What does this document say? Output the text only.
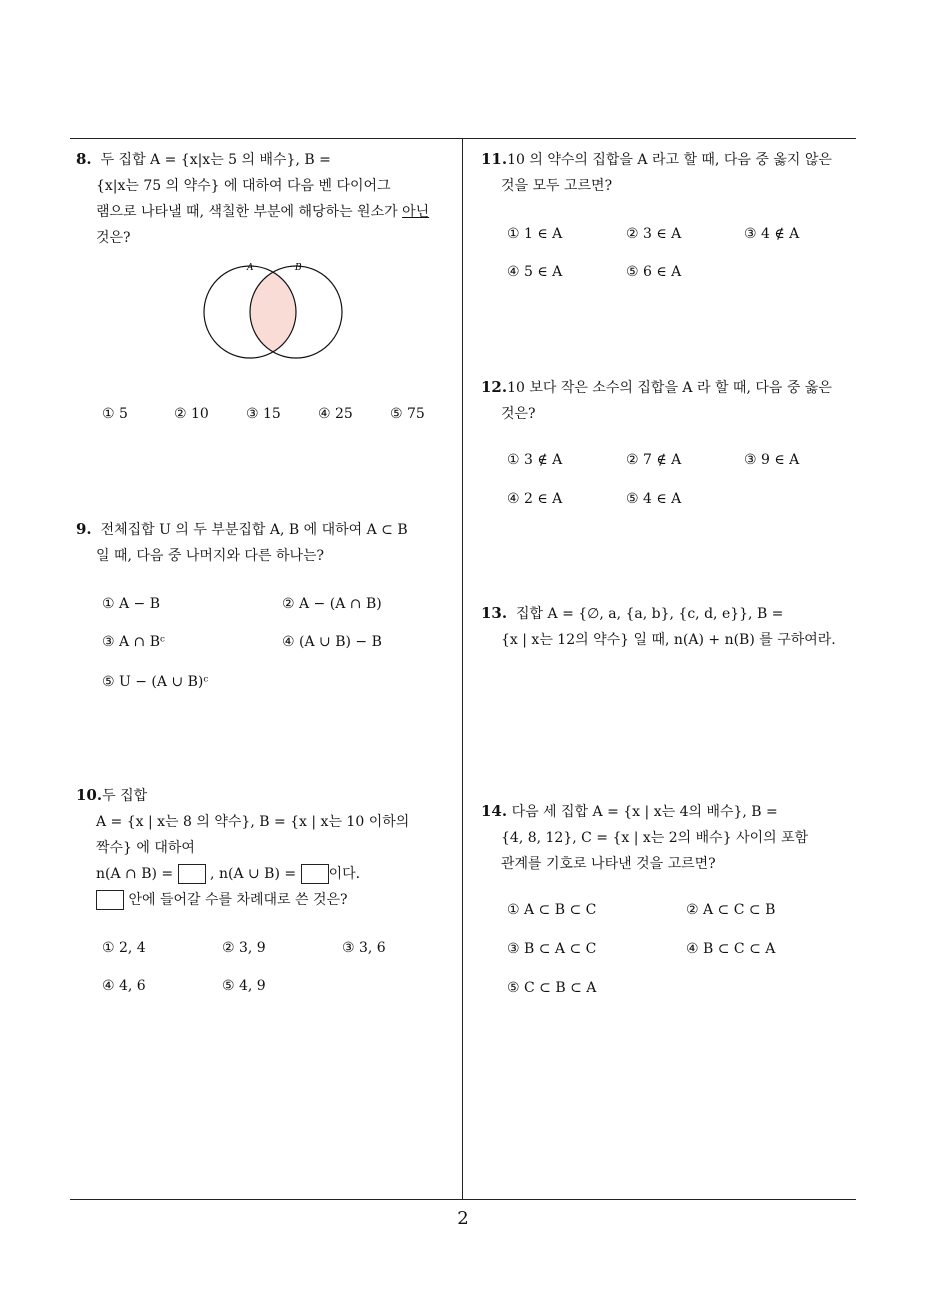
8. 두 집합 A = {x|x는 5 의 배수}, B =
{x|x는 75 의 약수} 에 대하여 다음 벤 다이어그
램으로 나타낼 때, 색칠한 부분에 해당하는 원소가 아닌
것은?
A	B
① 5	② 10	③ 15	④ 25	⑤ 75
9. 전체집합 U 의 두 부분집합 A, B 에 대하여 A ⊂ B
일 때, 다음 중 나머지와 다른 하나는?
① A − B	② A − (A ∩ B)
③ A ∩ Bᶜ	④ (A ∪ B) − B
⑤ U − (A ∪ B)ᶜ
10.두 집합
A = {x | x는 8 의 약수}, B = {x | x는 10 이하의
짝수} 에 대하여
n(A ∩ B) =  , n(A ∪ B) = 이다.
안에 들어갈 수를 차례대로 쓴 것은?
① 2, 4	② 3, 9	③ 3, 6
④ 4, 6	⑤ 4, 9
11.10 의 약수의 집합을 A 라고 할 때, 다음 중 옳지 않은
것을 모두 고르면?
① 1 ∈ A	② 3 ∈ A	③ 4 ∉ A
④ 5 ∈ A	⑤ 6 ∈ A
12.10 보다 작은 소수의 집합을 A 라 할 때, 다음 중 옳은
것은?
① 3 ∉ A	② 7 ∉ A	③ 9 ∈ A
④ 2 ∈ A	⑤ 4 ∈ A
13. 집합 A = {∅, a, {a, b}, {c, d, e}}, B =
{x | x는 12의 약수} 일 때, n(A) + n(B) 를 구하여라.
14. 다음 세 집합 A = {x | x는 4의 배수}, B =
{4, 8, 12}, C = {x | x는 2의 배수} 사이의 포함
관계를 기호로 나타낸 것을 고르면?
① A ⊂ B ⊂ C	② A ⊂ C ⊂ B
③ B ⊂ A ⊂ C	④ B ⊂ C ⊂ A
⑤ C ⊂ B ⊂ A
2
